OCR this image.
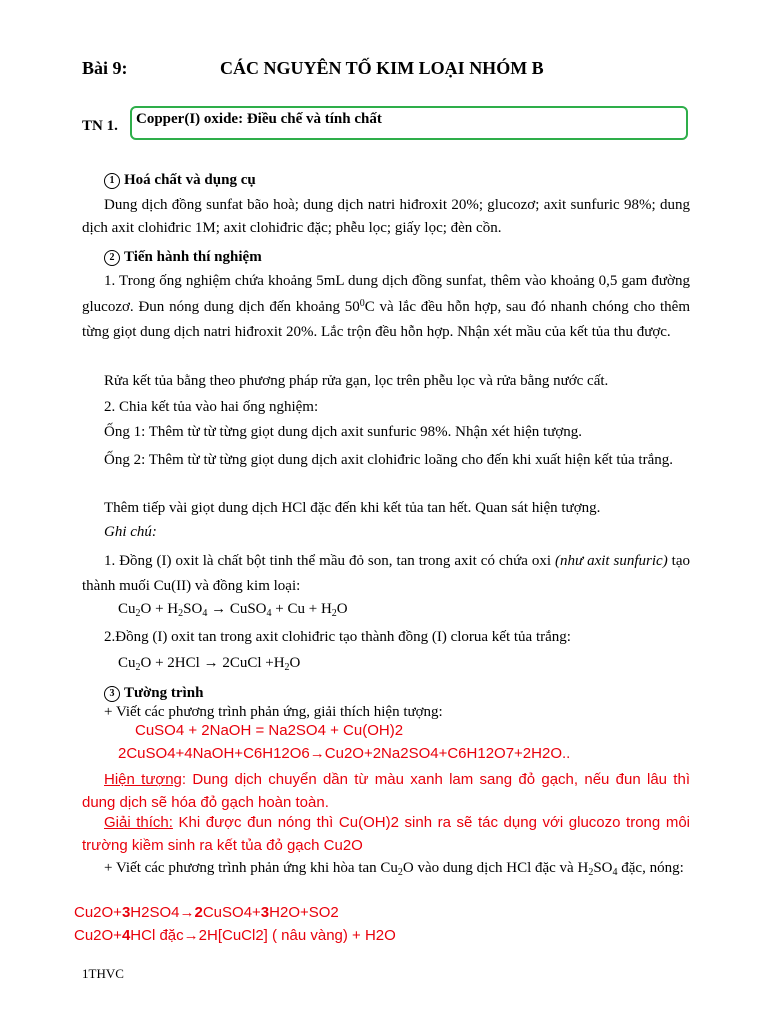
Bài 9:	CÁC NGUYÊN TỐ KIM LOẠI NHÓM B
TN 1. Copper(I) oxide: Điều chế và tính chất
1 Hoá chất và dụng cụ
Dung dịch đồng sunfat bão hoà; dung dịch natri hiđroxit 20%; glucozơ; axit sunfuric 98%; dung dịch axit clohiđric 1M; axit clohiđric đặc; phễu lọc; giấy lọc; đèn cồn.
2 Tiến hành thí nghiệm
1. Trong ống nghiệm chứa khoảng 5mL dung dịch đồng sunfat, thêm vào khoảng 0,5 gam đường glucozơ. Đun nóng dung dịch đến khoảng $50^0C$ và lắc đều hỗn hợp, sau đó nhanh chóng cho thêm từng giọt dung dịch natri hiđroxit 20%. Lắc trộn đều hỗn hợp. Nhận xét mầu của kết tủa thu được.
Rửa kết tủa bằng theo phương pháp rửa gạn, lọc trên phễu lọc và rửa bằng nước cất.
2. Chia kết tủa vào hai ống nghiệm:
Ống 1: Thêm từ từ từng giọt dung dịch axit sunfuric 98%. Nhận xét hiện tượng.
Ống 2: Thêm từ từ từng giọt dung dịch axit clohiđric loãng cho đến khi xuất hiện kết tủa trắng.
Thêm tiếp vài giọt dung dịch HCl đặc đến khi kết tủa tan hết. Quan sát hiện tượng.
Ghi chú:
1. Đồng (I) oxit là chất bột tinh thể mầu đỏ son, tan trong axit có chứa oxi (như axit sunfuric) tạo thành muối Cu(II) và đồng kim loại:
$Cu_2O + H_2SO_4$ → CuSO$_4$ + $Cu + H_2O$
2.Đồng (I) oxit tan trong axit clohiđric tạo thành đồng (I) clorua kết tủa trắng:
$Cu_2O + 2HCl$ → 2CuCl $+H_2O$
3 Tường trình
+ Viết các phương trình phản ứng, giải thích hiện tượng:
CuSO4 + 2NaOH = Na2SO4 + Cu(OH)2
2CuSO4+4NaOH+C6H12O6→Cu2O+2Na2SO4+C6H12O7+2H2O..
Hiện tượng: Dung dịch chuyển dần từ màu xanh lam sang đỏ gạch, nếu đun lâu thì dung dịch sẽ hóa đỏ gạch hoàn toàn.
Giải thích: Khi được đun nóng thì Cu(OH)2 sinh ra sẽ tác dụng với glucozo trong môi trường kiềm sinh ra kết tủa đỏ gạch Cu2O
+ Viết các phương trình phản ứng khi hòa $\tan Cu_2O$ vào dung dịch HCl đặc và $H_2SO_4$ đặc, nóng:
Cu2O+3H2SO4→2CuSO4+3H2O+SO2
Cu2O+4HCl đặc→2H[CuCl2] ( nâu vàng) + H2O
1THVC
